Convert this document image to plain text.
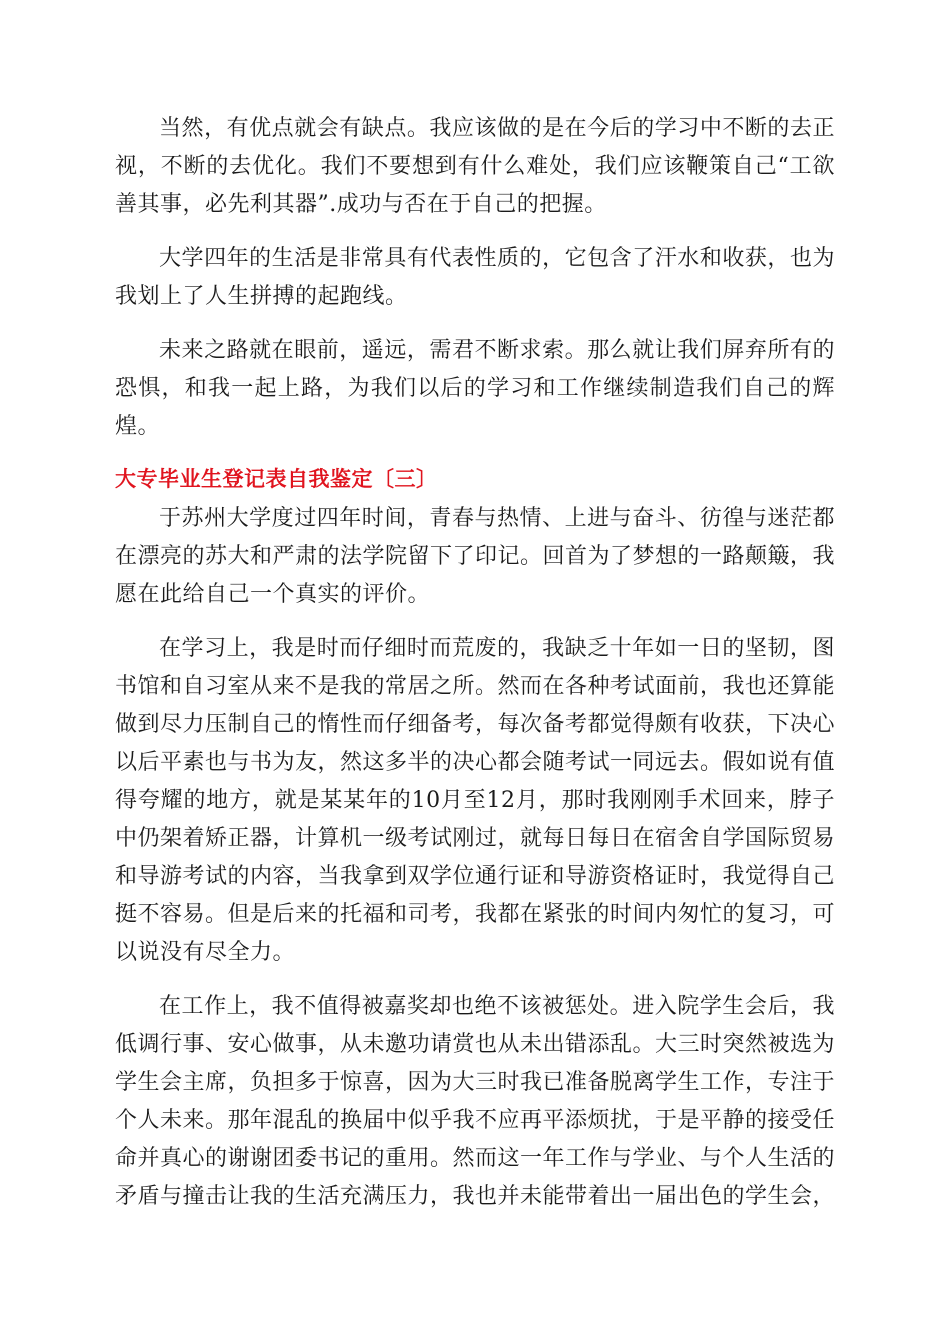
当然，有优点就会有缺点。我应该做的是在今后的学习中不断的去正视，不断的去优化。我们不要想到有什么难处，我们应该鞭策自己“工欲善其事，必先利其器”.成功与否在于自己的把握。

大学四年的生活是非常具有代表性质的，它包含了汗水和收获，也为我划上了人生拼搏的起跑线。

未来之路就在眼前，遥远，需君不断求索。那么就让我们屏弃所有的恐惧，和我一起上路，为我们以后的学习和工作继续制造我们自己的辉煌。

大专毕业生登记表自我鉴定〔三〕

于苏州大学度过四年时间，青春与热情、上进与奋斗、彷徨与迷茫都在漂亮的苏大和严肃的法学院留下了印记。回首为了梦想的一路颠簸，我愿在此给自己一个真实的评价。

在学习上，我是时而仔细时而荒废的，我缺乏十年如一日的坚韧，图书馆和自习室从来不是我的常居之所。然而在各种考试面前，我也还算能做到尽力压制自己的惰性而仔细备考，每次备考都觉得颇有收获，下决心以后平素也与书为友，然这多半的决心都会随考试一同远去。假如说有值得夸耀的地方，就是某某年的10月至12月，那时我刚刚手术回来，脖子中仍架着矫正器，计算机一级考试刚过，就每日每日在宿舍自学国际贸易和导游考试的内容，当我拿到双学位通行证和导游资格证时，我觉得自己挺不容易。但是后来的托福和司考，我都在紧张的时间内匆忙的复习，可以说没有尽全力。

在工作上，我不值得被嘉奖却也绝不该被惩处。进入院学生会后，我低调行事、安心做事，从未邀功请赏也从未出错添乱。大三时突然被选为学生会主席，负担多于惊喜，因为大三时我已准备脱离学生工作，专注于个人未来。那年混乱的换届中似乎我不应再平添烦扰，于是平静的接受任命并真心的谢谢团委书记的重用。然而这一年工作与学业、与个人生活的矛盾与撞击让我的生活充满压力，我也并未能带着出一届出色的学生会，
